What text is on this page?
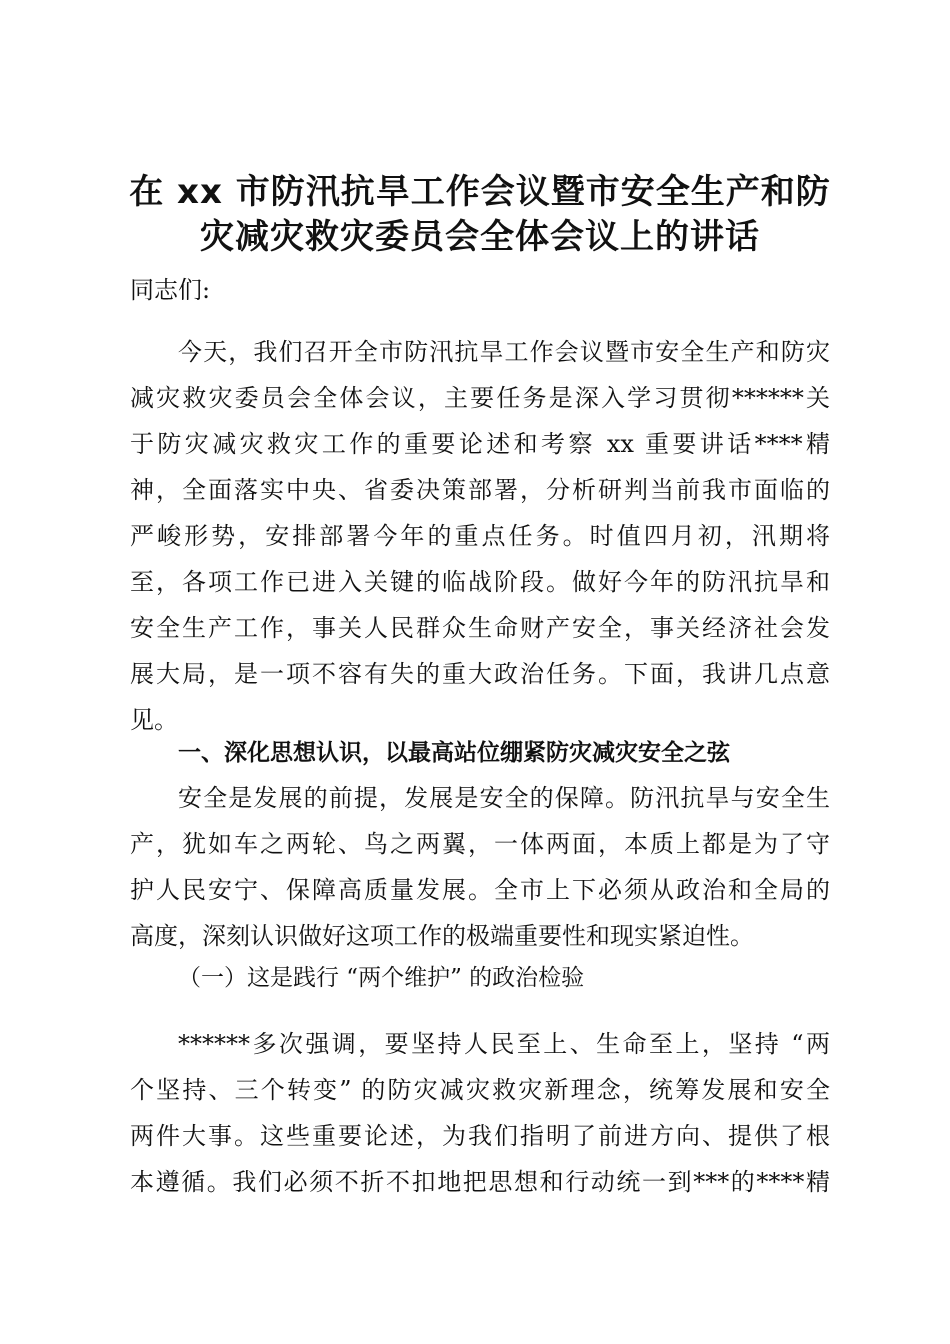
在 xx 市防汛抗旱工作会议暨市安全生产和防
灾减灾救灾委员会全体会议上的讲话
同志们:
今天，我们召开全市防汛抗旱工作会议暨市安全生产和防灾
减灾救灾委员会全体会议，主要任务是深入学习贯彻******关
于防灾减灾救灾工作的重要论述和考察 xx 重要讲话****精
神，全面落实中央、省委决策部署，分析研判当前我市面临的
严峻形势，安排部署今年的重点任务。时值四月初，汛期将
至，各项工作已进入关键的临战阶段。做好今年的防汛抗旱和
安全生产工作，事关人民群众生命财产安全，事关经济社会发
展大局，是一项不容有失的重大政治任务。下面，我讲几点意
见。
一、深化思想认识，以最高站位绷紧防灾减灾安全之弦
安全是发展的前提，发展是安全的保障。防汛抗旱与安全生
产，犹如车之两轮、鸟之两翼，一体两面，本质上都是为了守
护人民安宁、保障高质量发展。全市上下必须从政治和全局的
高度，深刻认识做好这项工作的极端重要性和现实紧迫性。
（一）这是践行 “两个维护” 的政治检验
******多次强调，要坚持人民至上、生命至上，坚持 “两
个坚持、三个转变” 的防灾减灾救灾新理念，统筹发展和安全
两件大事。这些重要论述，为我们指明了前进方向、提供了根
本遵循。我们必须不折不扣地把思想和行动统一到***的****精
